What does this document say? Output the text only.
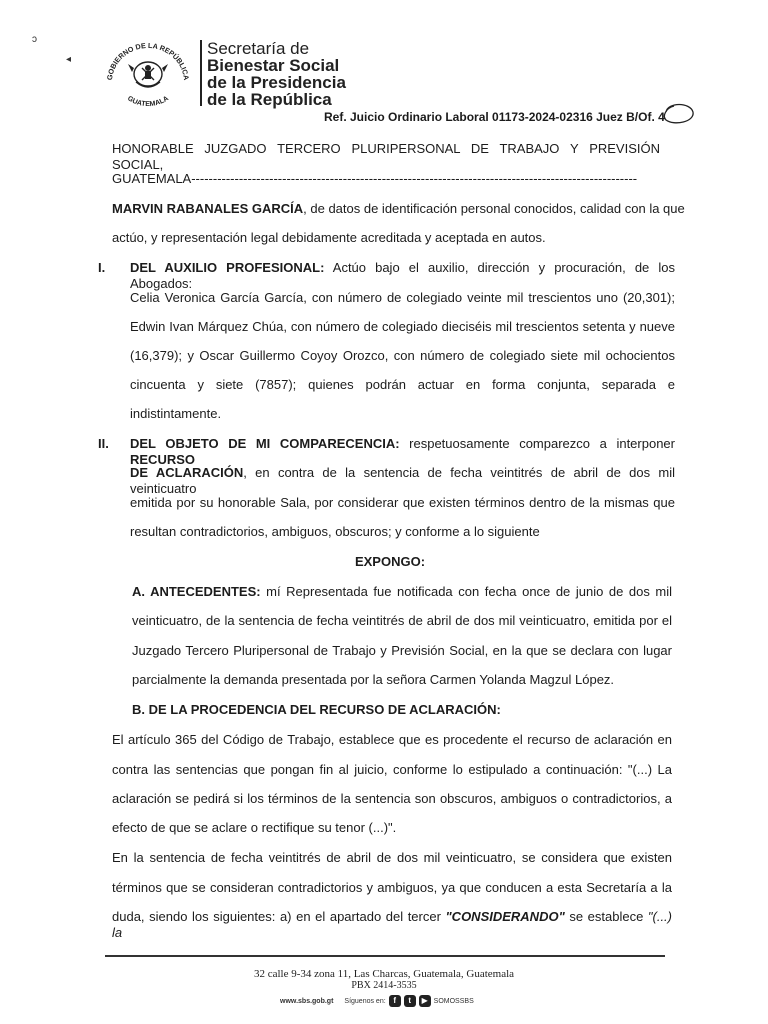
ↄ
◂
GOBIERNO DE LA REPÚBLICA
GUATEMALA
Secretaría de
Bienestar Social
de la Presidencia
de la República
Ref. Juicio Ordinario Laboral 01173-2024-02316 Juez B/Of. 4
HONORABLE JUZGADO TERCERO PLURIPERSONAL DE TRABAJO Y PREVISIÓN SOCIAL,
GUATEMALA-------------------------------------------------------------------------------------------------------
MARVIN RABANALES GARCÍA, de datos de identificación personal conocidos, calidad con la que
actúo, y representación legal debidamente acreditada y aceptada en autos.
I. DEL AUXILIO PROFESIONAL: Actúo bajo el auxilio, dirección y procuración, de los Abogados:
Celia Veronica García García, con número de colegiado veinte mil trescientos uno (20,301);
Edwin Ivan Márquez Chúa, con número de colegiado dieciséis mil trescientos setenta y nueve
(16,379); y Oscar Guillermo Coyoy Orozco, con número de colegiado siete mil ochocientos
cincuenta y siete (7857); quienes podrán actuar en forma conjunta, separada e
indistintamente.
II. DEL OBJETO DE MI COMPARECENCIA: respetuosamente comparezco a interponer RECURSO
DE ACLARACIÓN, en contra de la sentencia de fecha veintitrés de abril de dos mil veinticuatro
emitida por su honorable Sala, por considerar que existen términos dentro de la mismas que
resultan contradictorios, ambiguos, obscuros; y conforme a lo siguiente
EXPONGO:
A. ANTECEDENTES: mí Representada fue notificada con fecha once de junio de dos mil
veinticuatro, de la sentencia de fecha veintitrés de abril de dos mil veinticuatro, emitida por el
Juzgado Tercero Pluripersonal de Trabajo y Previsión Social, en la que se declara con lugar
parcialmente la demanda presentada por la señora Carmen Yolanda Magzul López.
B. DE LA PROCEDENCIA DEL RECURSO DE ACLARACIÓN:
El artículo 365 del Código de Trabajo, establece que es procedente el recurso de aclaración en
contra las sentencias que pongan fin al juicio, conforme lo estipulado a continuación: "(...) La
aclaración se pedirá si los términos de la sentencia son obscuros, ambiguos o contradictorios, a
efecto de que se aclare o rectifique su tenor (...)".
En la sentencia de fecha veintitrés de abril de dos mil veinticuatro, se considera que existen
términos que se consideran contradictorios y ambiguos, ya que conducen a esta Secretaría a la
duda, siendo los siguientes: a) en el apartado del tercer "CONSIDERANDO" se establece "(...) la
32 calle 9-34 zona 11, Las Charcas, Guatemala, Guatemala
PBX 2414-3535
www.sbs.gob.gt Síguenos en: f	t	▶ SOMOSSBS
